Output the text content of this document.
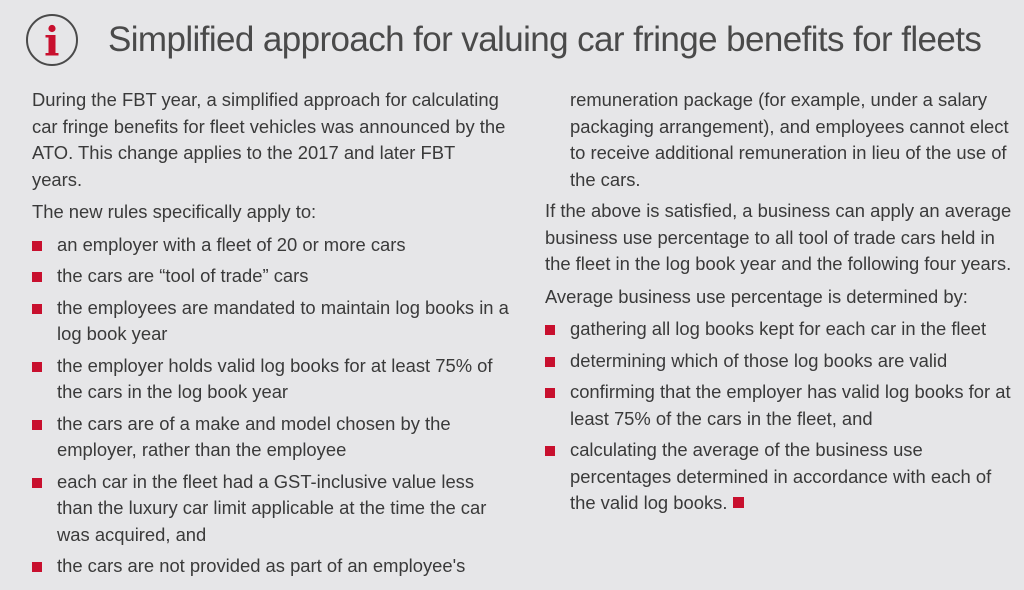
Simplified approach for valuing car fringe benefits for fleets

During the FBT year, a simplified approach for calculating car fringe benefits for fleet vehicles was announced by the ATO. This change applies to the 2017 and later FBT years.

The new rules specifically apply to:

an employer with a fleet of 20 or more cars
the cars are “tool of trade” cars
the employees are mandated to maintain log books in a log book year
the employer holds valid log books for at least 75% of the cars in the log book year
the cars are of a make and model chosen by the employer, rather than the employee
each car in the fleet had a GST-inclusive value less than the luxury car limit applicable at the time the car was acquired, and
the cars are not provided as part of an employee's

remuneration package (for example, under a salary packaging arrangement), and employees cannot elect to receive additional remuneration in lieu of the use of the cars.

If the above is satisfied, a business can apply an average business use percentage to all tool of trade cars held in the fleet in the log book year and the following four years.

Average business use percentage is determined by:

gathering all log books kept for each car in the fleet
determining which of those log books are valid
confirming that the employer has valid log books for at least 75% of the cars in the fleet, and
calculating the average of the business use percentages determined in accordance with each of the valid log books.
